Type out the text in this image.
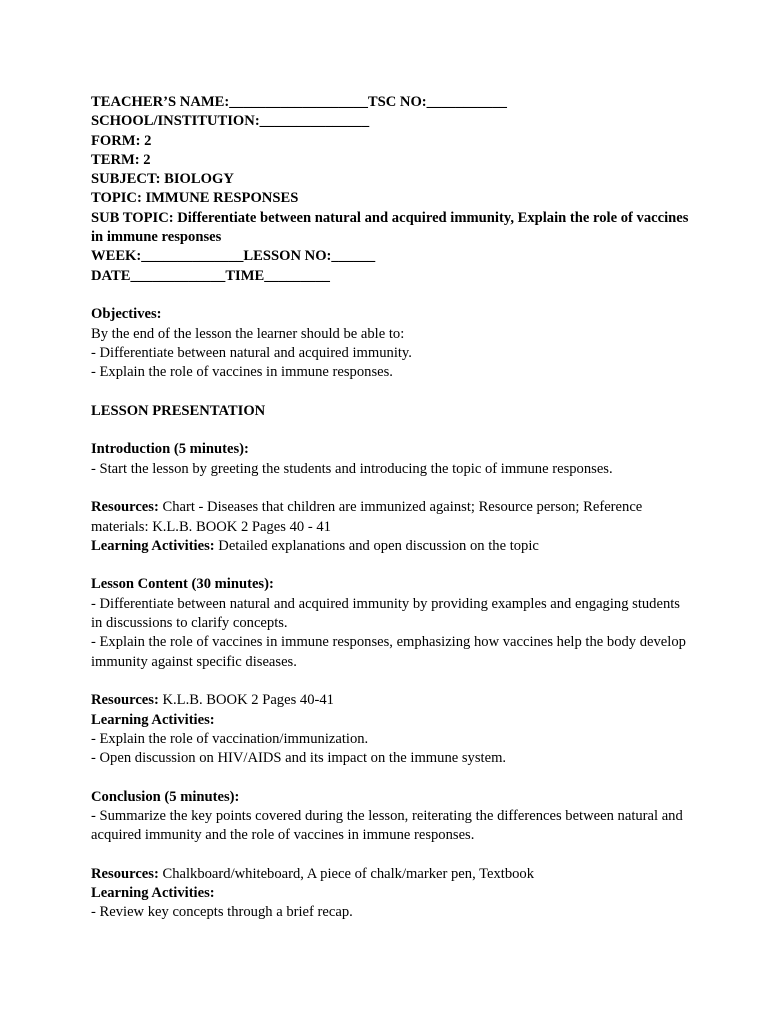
TEACHER’S NAME:___________________TSC NO:___________
SCHOOL/INSTITUTION:_______________
FORM: 2
TERM: 2
SUBJECT: BIOLOGY
TOPIC: IMMUNE RESPONSES
SUB TOPIC: Differentiate between natural and acquired immunity, Explain the role of vaccines in immune responses
WEEK:______________LESSON NO:______
DATE_____________TIME_________
Objectives:
By the end of the lesson the learner should be able to:
- Differentiate between natural and acquired immunity.
- Explain the role of vaccines in immune responses.
LESSON PRESENTATION
Introduction (5 minutes):
- Start the lesson by greeting the students and introducing the topic of immune responses.

Resources: Chart - Diseases that children are immunized against; Resource person; Reference materials: K.L.B. BOOK 2 Pages 40 - 41

Learning Activities: Detailed explanations and open discussion on the topic

Lesson Content (30 minutes):
- Differentiate between natural and acquired immunity by providing examples and engaging students in discussions to clarify concepts.
- Explain the role of vaccines in immune responses, emphasizing how vaccines help the body develop immunity against specific diseases.

Resources: K.L.B. BOOK 2 Pages 40-41

Learning Activities:
- Explain the role of vaccination/immunization.
- Open discussion on HIV/AIDS and its impact on the immune system.
Conclusion (5 minutes):
- Summarize the key points covered during the lesson, reiterating the differences between natural and acquired immunity and the role of vaccines in immune responses.

Resources: Chalkboard/whiteboard, A piece of chalk/marker pen, Textbook

Learning Activities:
- Review key concepts through a brief recap.
